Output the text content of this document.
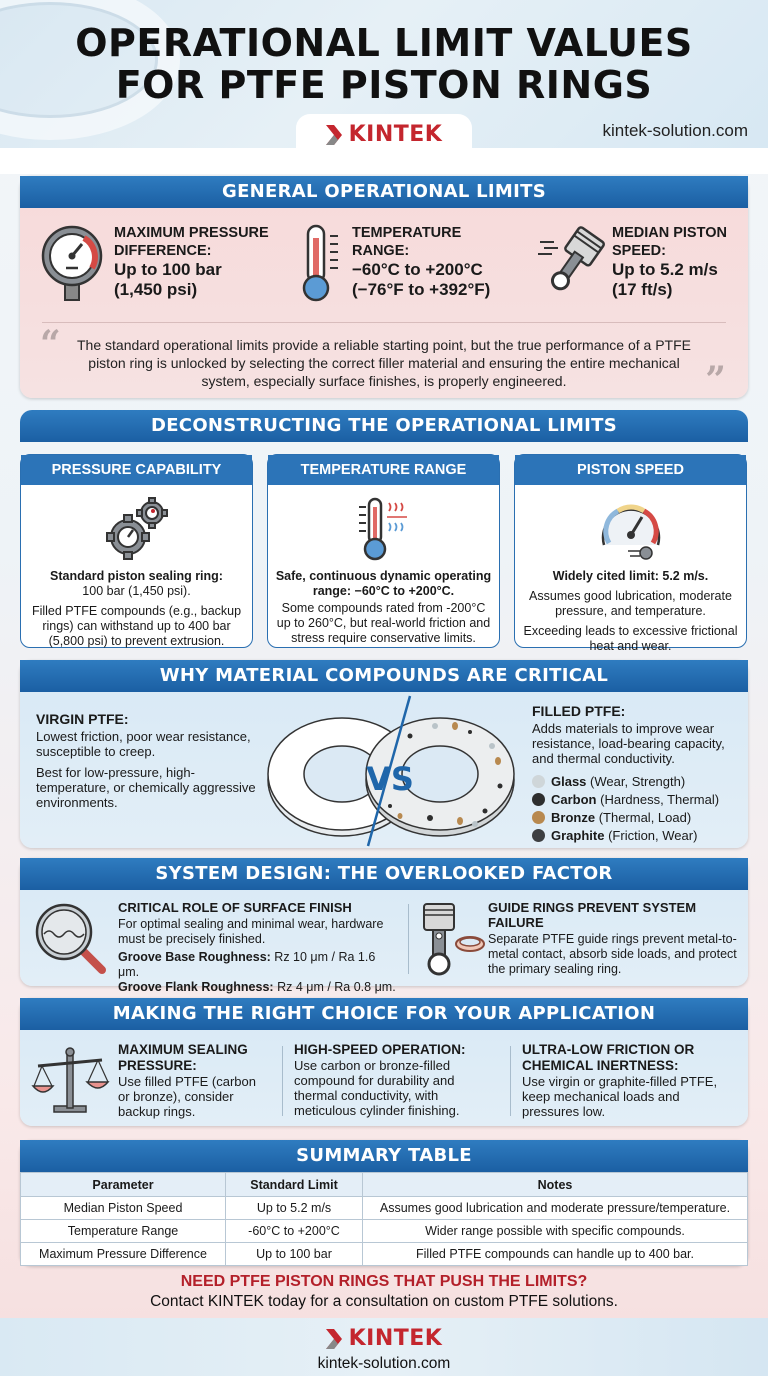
OPERATIONAL LIMIT VALUES
FOR PTFE PISTON RINGS
KINTEK	kintek-solution.com
GENERAL OPERATIONAL LIMITS
MAXIMUM PRESSURE
DIFFERENCE:
Up to 100 bar
(1,450 psi)
TEMPERATURE
RANGE:
−60°C to +200°C
(−76°F to +392°F)
MEDIAN PISTON
SPEED:
Up to 5.2 m/s
(17 ft/s)
“	The standard operational limits provide a reliable starting point, but the true performance of a PTFE piston ring is unlocked by selecting the correct filler material and ensuring the entire mechanical system, especially surface finishes, is properly engineered.	”
DECONSTRUCTING THE OPERATIONAL LIMITS
PRESSURE CAPABILITY
Standard piston sealing ring:
100 bar (1,450 psi).

Filled PTFE compounds (e.g., backup rings) can withstand up to 400 bar (5,800 psi) to prevent extrusion.

TEMPERATURE RANGE
Safe, continuous dynamic operating range: −60°C to +200°C.

Some compounds rated from -200°C up to 260°C, but real-world friction and stress require conservative limits.

PISTON SPEED
Widely cited limit: 5.2 m/s.

Assumes good lubrication, moderate pressure, and temperature.

Exceeding leads to excessive frictional heat and wear.

WHY MATERIAL COMPOUNDS ARE CRITICAL
VIRGIN PTFE:

Lowest friction, poor wear resistance, susceptible to creep.

Best for low-pressure, high-temperature, or chemically aggressive environments.

VS
FILLED PTFE:

Adds materials to improve wear resistance, load-bearing capacity, and thermal conductivity.

Glass (Wear, Strength)
Carbon (Hardness, Thermal)
Bronze (Thermal, Load)
Graphite (Friction, Wear)
SYSTEM DESIGN: THE OVERLOOKED FACTOR
CRITICAL ROLE OF SURFACE FINISH
For optimal sealing and minimal wear, hardware must be precisely finished.
Groove Base Roughness: Rz 10 μm / Ra 1.6 μm.
Groove Flank Roughness: Rz 4 μm / Ra 0.8 μm.
GUIDE RINGS PREVENT SYSTEM FAILURE
Separate PTFE guide rings prevent metal-to-metal contact, absorb side loads, and protect the primary sealing ring.
MAKING THE RIGHT CHOICE FOR YOUR APPLICATION
MAXIMUM SEALING PRESSURE:
Use filled PTFE (carbon or bronze), consider backup rings.
HIGH-SPEED OPERATION:
Use carbon or bronze-filled compound for durability and thermal conductivity, with meticulous cylinder finishing.
ULTRA-LOW FRICTION OR CHEMICAL INERTNESS:
Use virgin or graphite-filled PTFE, keep mechanical loads and pressures low.
SUMMARY TABLE
Parameter	Standard Limit	Notes
Median Piston Speed	Up to 5.2 m/s	Assumes good lubrication and moderate pressure/temperature.
Temperature Range	-60°C to +200°C	Wider range possible with specific compounds.
Maximum Pressure Difference	Up to 100 bar	Filled PTFE compounds can handle up to 400 bar.
NEED PTFE PISTON RINGS THAT PUSH THE LIMITS?
Contact KINTEK today for a consultation on custom PTFE solutions.
KINTEK
kintek-solution.com
